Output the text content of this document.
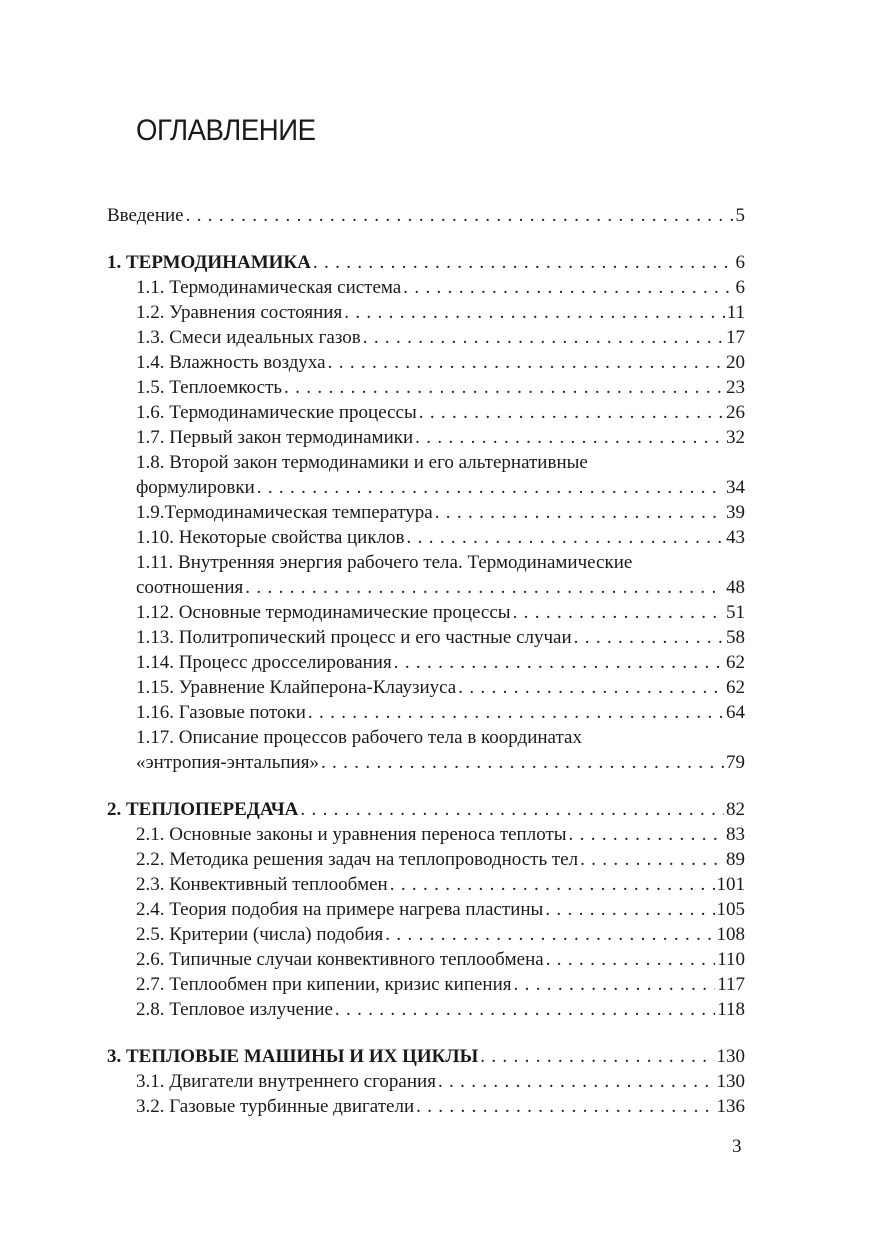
ОГЛАВЛЕНИЕ
Введение . . .	5
1. ТЕРМОДИНАМИКА . . .	6
1.1. Термодинамическая система . . .	6
1.2. Уравнения состояния . . .	11
1.3. Смеси идеальных газов . . .	17
1.4. Влажность воздуха . . .	20
1.5. Теплоемкость . . .	23
1.6. Термодинамические процессы . . .	26
1.7. Первый закон термодинамики . . .	32
1.8. Второй закон термодинамики и его альтернативные
формулировки . . .	34
1.9.Термодинамическая температура . . .	39
1.10. Некоторые свойства циклов . . .	43
1.11. Внутренняя энергия рабочего тела. Термодинамические
соотношения . . .	48
1.12. Основные термодинамические процессы . . .	51
1.13. Политропический процесс и его частные случаи . . .	58
1.14. Процесс дросселирования . . .	62
1.15. Уравнение Клайперона-Клаузиуса . . .	62
1.16. Газовые потоки . . .	64
1.17. Описание процессов рабочего тела в координатах
«энтропия-энтальпия» . . .	79
2. ТЕПЛОПЕРЕДАЧА . . .	82
2.1. Основные законы и уравнения переноса теплоты . . .	83
2.2. Методика решения задач на теплопроводность тел . . .	89
2.3. Конвективный теплообмен . . .	101
2.4. Теория подобия на примере нагрева пластины . . .	105
2.5. Критерии (числа) подобия . . .	108
2.6. Типичные случаи конвективного теплообмена . . .	110
2.7. Теплообмен при кипении, кризис кипения . . .	117
2.8. Тепловое излучение . . .	118
3. ТЕПЛОВЫЕ МАШИНЫ И ИХ ЦИКЛЫ . . .	130
3.1. Двигатели внутреннего сгорания . . .	130
3.2. Газовые турбинные двигатели . . .	136
3
